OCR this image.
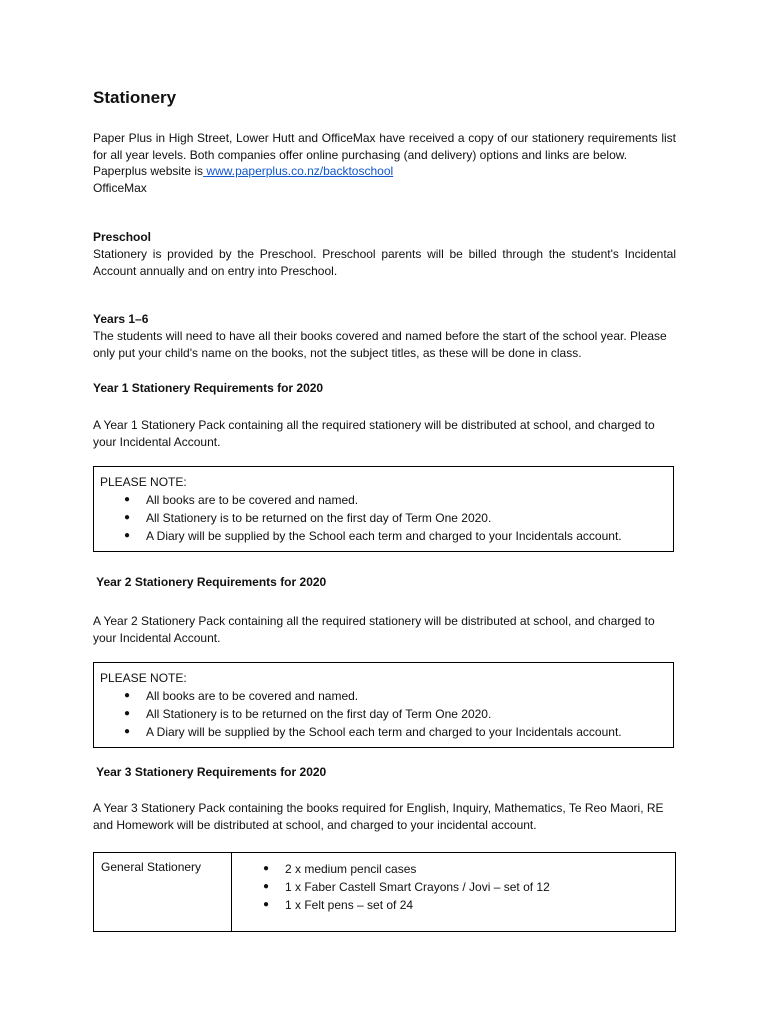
Stationery
Paper Plus in High Street, Lower Hutt and OfficeMax have received a copy of our stationery requirements list for all year levels. Both companies offer online purchasing (and delivery) options and links are below.
Paperplus website is www.paperplus.co.nz/backtoschool
OfficeMax
Preschool
Stationery is provided by the Preschool. Preschool parents will be billed through the student's Incidental Account annually and on entry into Preschool.
Years 1–6
The students will need to have all their books covered and named before the start of the school year. Please only put your child's name on the books, not the subject titles, as these will be done in class.
Year 1 Stationery Requirements for 2020
A Year 1 Stationery Pack containing all the required stationery will be distributed at school, and charged to your Incidental Account.
PLEASE NOTE:
● All books are to be covered and named.
● All Stationery is to be returned on the first day of Term One 2020.
● A Diary will be supplied by the School each term and charged to your Incidentals account.
Year 2 Stationery Requirements for 2020
A Year 2 Stationery Pack containing all the required stationery will be distributed at school, and charged to your Incidental Account.
PLEASE NOTE:
● All books are to be covered and named.
● All Stationery is to be returned on the first day of Term One 2020.
● A Diary will be supplied by the School each term and charged to your Incidentals account.
Year 3 Stationery Requirements for 2020
A Year 3 Stationery Pack containing the books required for English, Inquiry, Mathematics, Te Reo Maori, RE and Homework will be distributed at school, and charged to your incidental account.
General Stationery	● 2 x medium pencil cases
● 1 x Faber Castell Smart Crayons / Jovi – set of 12
● 1 x Felt pens – set of 24
